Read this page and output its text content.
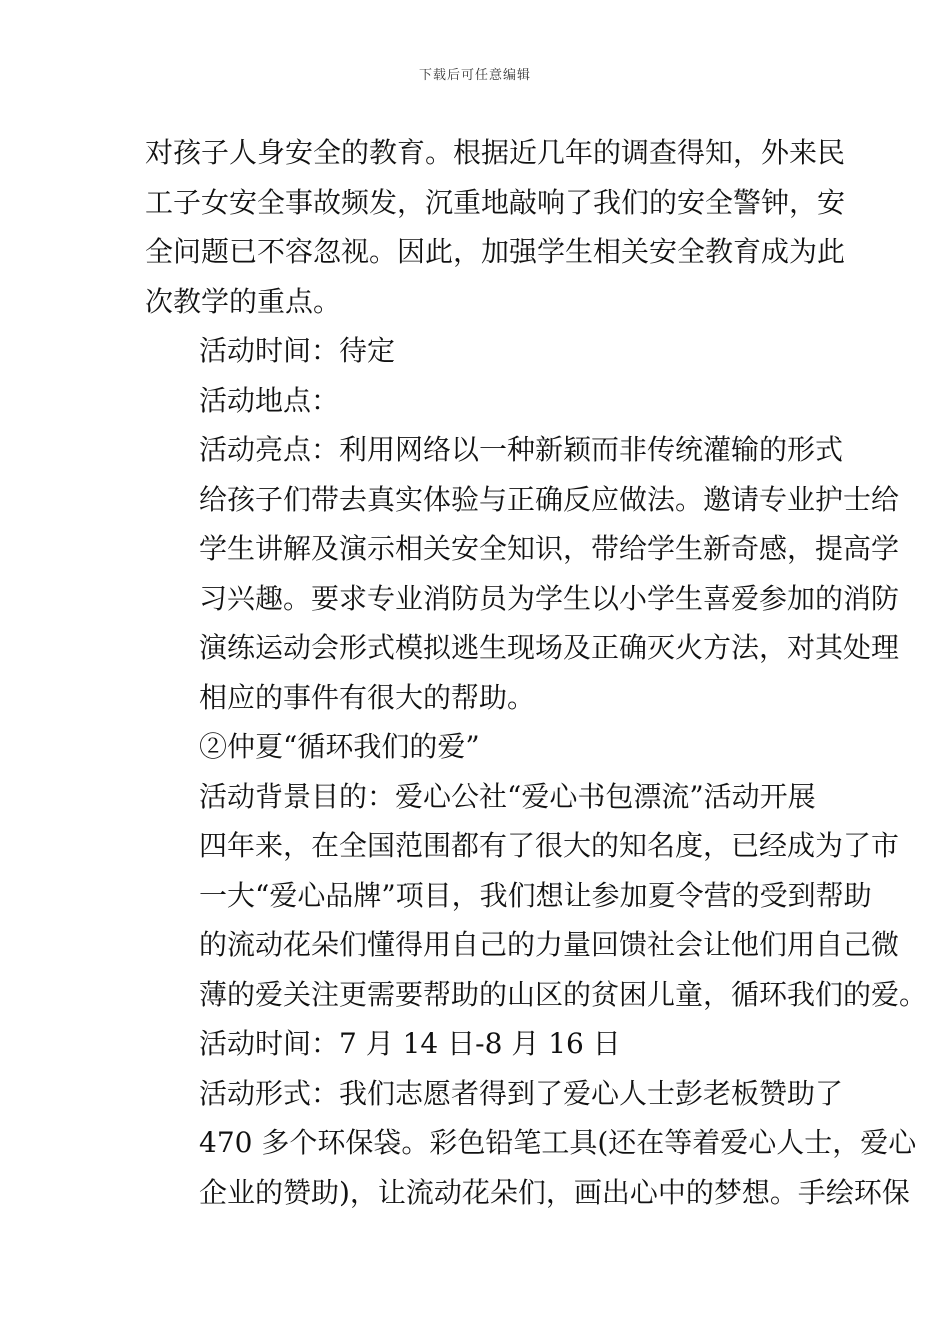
下载后可任意编辑

对孩子人身安全的教育。根据近几年的调查得知，外来民
工子女安全事故频发，沉重地敲响了我们的安全警钟，安
全问题已不容忽视。因此，加强学生相关安全教育成为此
次教学的重点。

活动时间：待定

活动地点：

活动亮点：利用网络以一种新颖而非传统灌输的形式
给孩子们带去真实体验与正确反应做法。邀请专业护士给
学生讲解及演示相关安全知识，带给学生新奇感，提高学
习兴趣。要求专业消防员为学生以小学生喜爱参加的消防
演练运动会形式模拟逃生现场及正确灭火方法，对其处理
相应的事件有很大的帮助。

②仲夏“循环我们的爱”

活动背景目的：爱心公社“爱心书包漂流”活动开展
四年来，在全国范围都有了很大的知名度，已经成为了市
一大“爱心品牌”项目，我们想让参加夏令营的受到帮助
的流动花朵们懂得用自己的力量回馈社会让他们用自己微
薄的爱关注更需要帮助的山区的贫困儿童，循环我们的爱。

活动时间：7 月 14 日-8 月 16 日

活动形式：我们志愿者得到了爱心人士彭老板赞助了
470 多个环保袋。彩色铅笔工具(还在等着爱心人士，爱心
企业的赞助)，让流动花朵们，画出心中的梦想。手绘环保
